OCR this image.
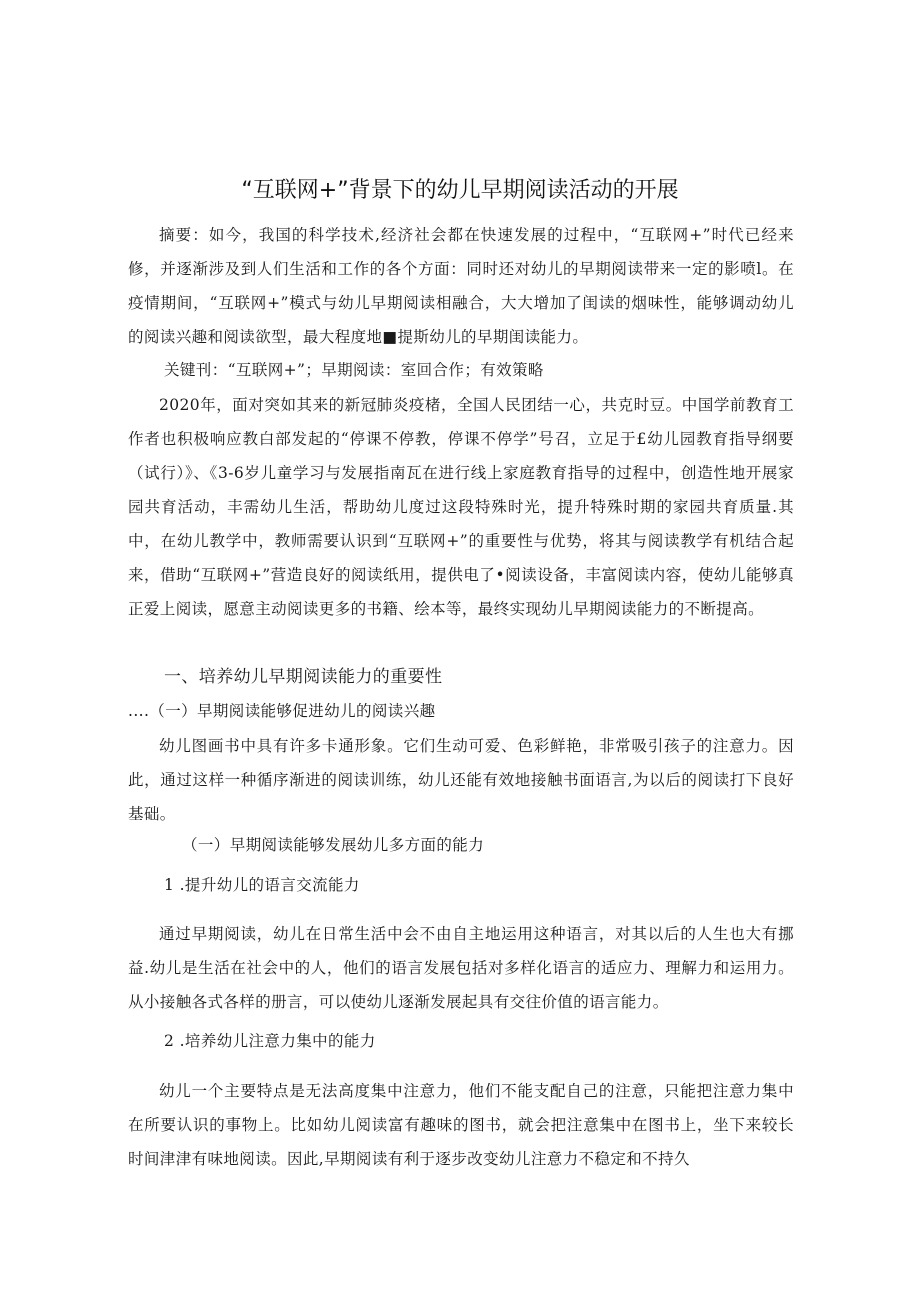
“互联网+”背景下的幼儿早期阅读活动的开展
摘要：如今，我国的科学技术,经济社会都在快速发展的过程中，“互联网+”时代已经来修，并逐渐涉及到人们生活和工作的各个方面：同时还对幼儿的早期阅读带来一定的影喷l。在疫情期间，“互联网+”模式与幼儿早期阅读相融合，大大增加了闺读的烟味性，能够调动幼儿的阅读兴趣和阅读欲型，最大程度地■提斯幼儿的早期闺读能力。
关键刊：“互联网+”；早期阅读：室回合作；有效策略
2020年，面对突如其来的新冠肺炎疫楮，全国人民团结一心，共克时豆。中国学前教育工作者也积极响应教白部发起的“停课不停教，停课不停学”号召，立足于£幼儿园教育指导纲要（试行）》、《3-6岁儿童学习与发展指南瓦在进行线上家庭教育指导的过程中，创造性地开展家园共育活动，丰需幼儿生活，帮助幼儿度过这段特殊时光，提升特殊时期的家园共育质量.其中，在幼儿教学中，教师需要认识到“互联网+”的重要性与优势，将其与阅读教学有机结合起来，借助“互联网+”营造良好的阅读纸用，提供电了•阅读设备，丰富阅读内容，使幼儿能够真正爱上阅读，愿意主动阅读更多的书籍、绘本等，最终实现幼儿早期阅读能力的不断提高。
一、培养幼儿早期阅读能力的重要性
....（一）早期阅读能够促进幼儿的阅读兴趣
幼儿图画书中具有许多卡通形象。它们生动可爱、色彩鲜艳，非常吸引孩子的注意力。因此，通过这样一种循序渐进的阅读训练，幼儿还能有效地接触书面语言,为以后的阅读打下良好基础。
（一）早期阅读能够发展幼儿多方面的能力
1 .提升幼儿的语言交流能力
通过早期阅读，幼儿在日常生活中会不由自主地运用这种语言，对其以后的人生也大有挪益.幼儿是生活在社会中的人，他们的语言发展包括对多样化语言的适应力、理解力和运用力。从小接触各式各样的册言，可以使幼儿逐渐发展起具有交往价值的语言能力。
2 .培养幼儿注意力集中的能力
幼儿一个主要特点是无法高度集中注意力，他们不能支配自己的注意，只能把注意力集中在所要认识的事物上。比如幼儿阅读富有趣味的图书，就会把注意集中在图书上，坐下来较长时间津津有味地阅读。因此,早期阅读有利于逐步改变幼儿注意力不稳定和不持久
